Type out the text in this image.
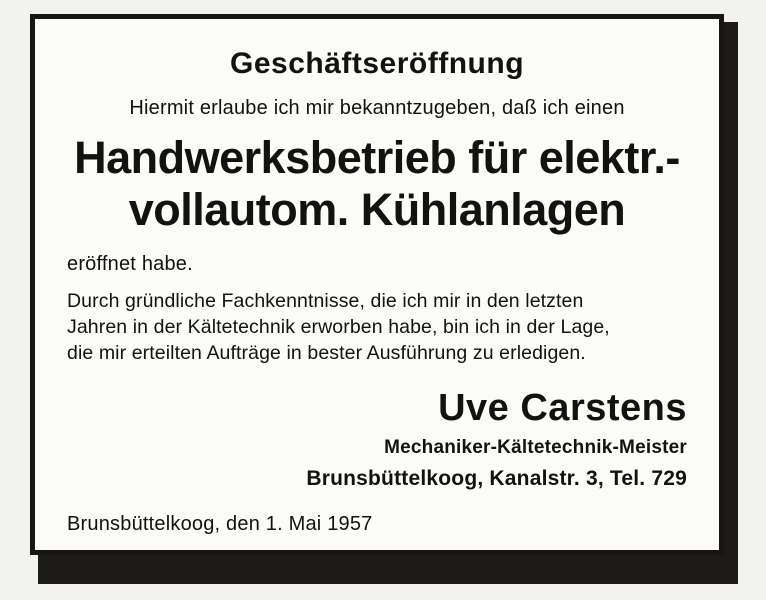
Geschäftseröffnung
Hiermit erlaube ich mir bekanntzugeben, daß ich einen
Handwerksbetrieb für elektr.-
vollautom. Kühlanlagen
eröffnet habe.
Durch gründliche Fachkenntnisse, die ich mir in den letzten
Jahren in der Kältetechnik erworben habe, bin ich in der Lage,
die mir erteilten Aufträge in bester Ausführung zu erledigen.
Uve Carstens
Mechaniker-Kältetechnik-Meister
Brunsbüttelkoog, Kanalstr. 3, Tel. 729
Brunsbüttelkoog, den 1. Mai 1957
